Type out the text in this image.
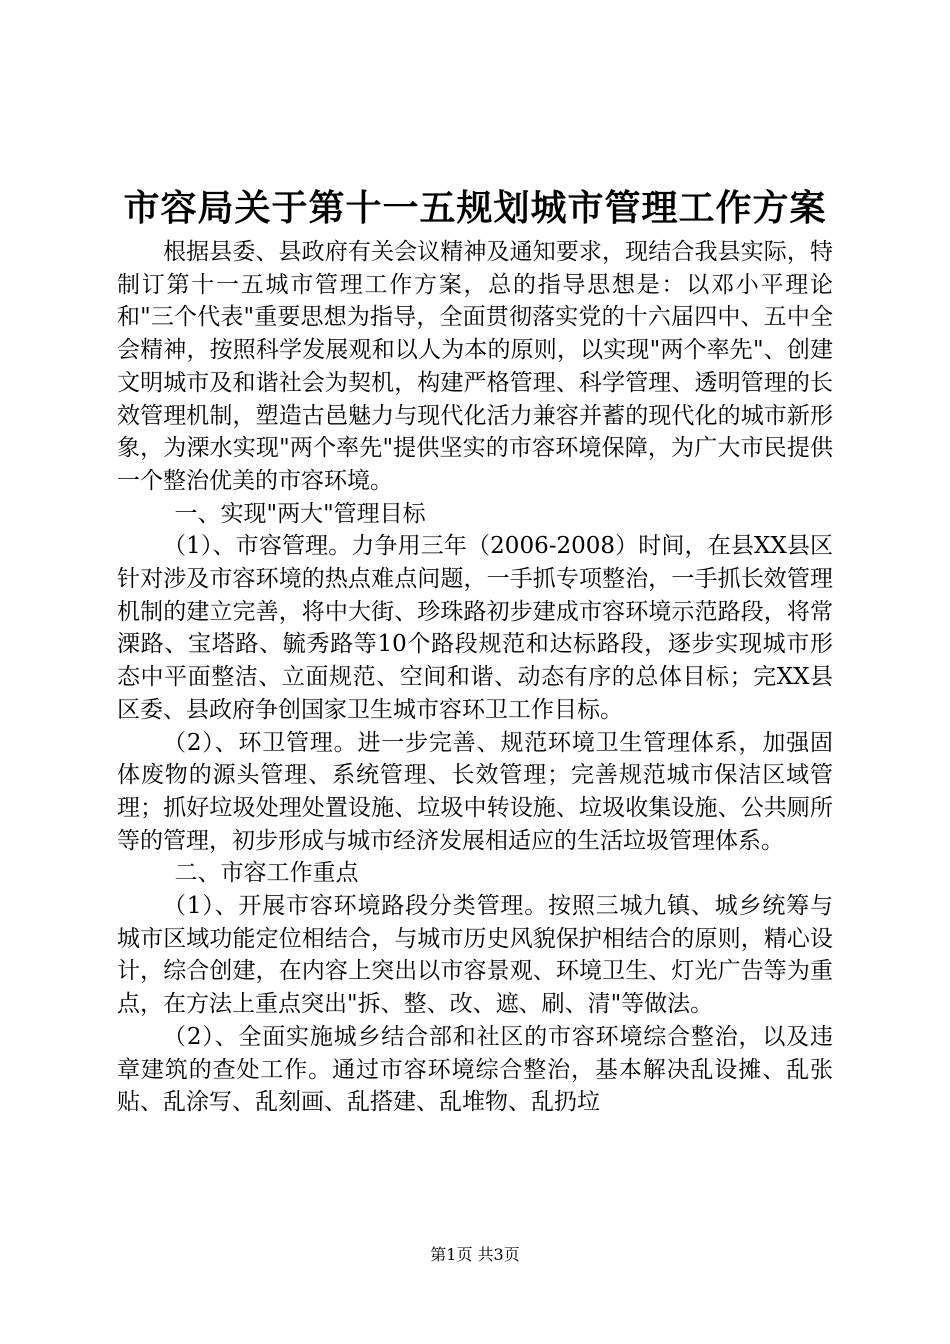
市容局关于第十一五规划城市管理工作方案

根据县委、县政府有关会议精神及通知要求，现结合我县实际，特制订第十一五城市管理工作方案，总的指导思想是：以邓小平理论和"三个代表"重要思想为指导，全面贯彻落实党的十六届四中、五中全会精神，按照科学发展观和以人为本的原则，以实现"两个率先"、创建文明城市及和谐社会为契机，构建严格管理、科学管理、透明管理的长效管理机制，塑造古邑魅力与现代化活力兼容并蓄的现代化的城市新形象，为溧水实现"两个率先"提供坚实的市容环境保障，为广大市民提供一个整治优美的市容环境。

一、实现"两大"管理目标

（1）、市容管理。力争用三年（2006-2008）时间，在县XX县区针对涉及市容环境的热点难点问题，一手抓专项整治，一手抓长效管理机制的建立完善，将中大街、珍珠路初步建成市容环境示范路段，将常溧路、宝塔路、毓秀路等10个路段规范和达标路段，逐步实现城市形态中平面整洁、立面规范、空间和谐、动态有序的总体目标；完XX县区委、县政府争创国家卫生城市容环卫工作目标。

（2）、环卫管理。进一步完善、规范环境卫生管理体系，加强固体废物的源头管理、系统管理、长效管理；完善规范城市保洁区域管理；抓好垃圾处理处置设施、垃圾中转设施、垃圾收集设施、公共厕所等的管理，初步形成与城市经济发展相适应的生活垃圾管理体系。

二、市容工作重点

（1）、开展市容环境路段分类管理。按照三城九镇、城乡统筹与城市区域功能定位相结合，与城市历史风貌保护相结合的原则，精心设计，综合创建，在内容上突出以市容景观、环境卫生、灯光广告等为重点，在方法上重点突出"拆、整、改、遮、刷、清"等做法。

（2）、全面实施城乡结合部和社区的市容环境综合整治，以及违章建筑的查处工作。通过市容环境综合整治，基本解决乱设摊、乱张贴、乱涂写、乱刻画、乱搭建、乱堆物、乱扔垃

第1页 共3页
